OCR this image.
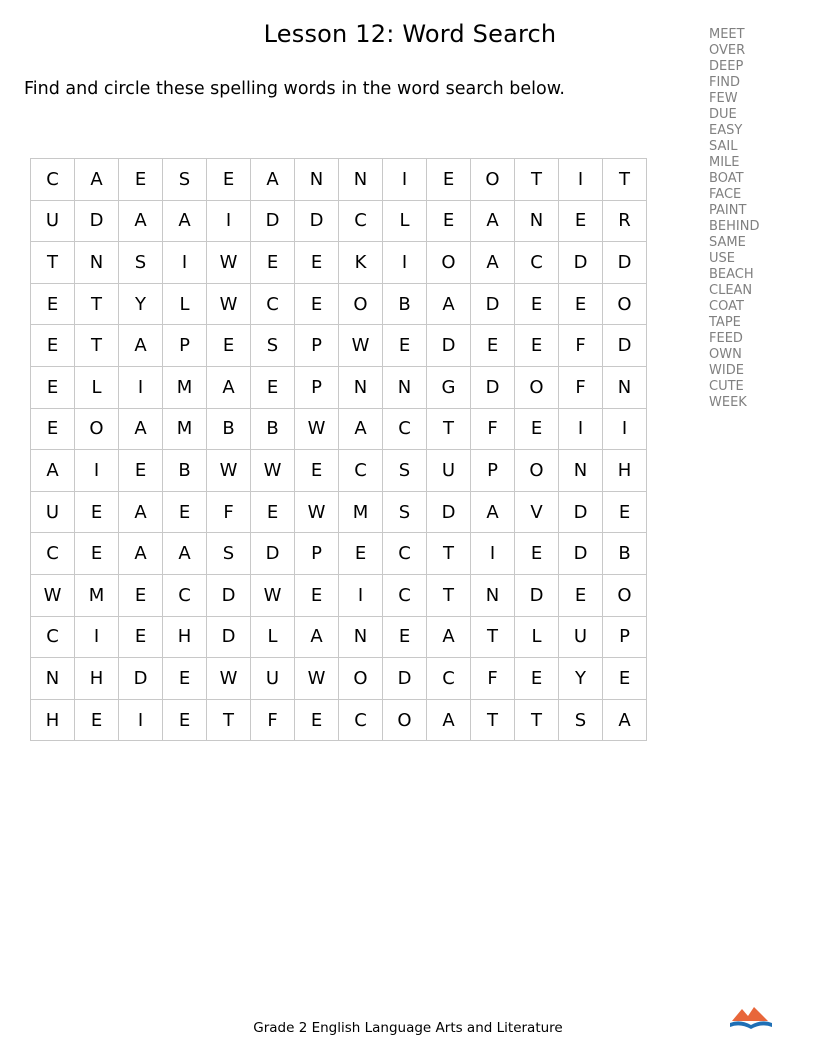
Lesson 12: Word Search
Find and circle these spelling words in the word search below.
MEET
OVER
DEEP
FIND
FEW
DUE
EASY
SAIL
MILE
BOAT
FACE
PAINT
BEHIND
SAME
USE
BEACH
CLEAN
COAT
TAPE
FEED
OWN
WIDE
CUTE
WEEK
C	A	E	S	E	A	N	N	I	E	O	T	I	T
U	D	A	A	I	D	D	C	L	E	A	N	E	R
T	N	S	I	W	E	E	K	I	O	A	C	D	D
E	T	Y	L	W	C	E	O	B	A	D	E	E	O
E	T	A	P	E	S	P	W	E	D	E	E	F	D
E	L	I	M	A	E	P	N	N	G	D	O	F	N
E	O	A	M	B	B	W	A	C	T	F	E	I	I
A	I	E	B	W	W	E	C	S	U	P	O	N	H
U	E	A	E	F	E	W	M	S	D	A	V	D	E
C	E	A	A	S	D	P	E	C	T	I	E	D	B
W	M	E	C	D	W	E	I	C	T	N	D	E	O
C	I	E	H	D	L	A	N	E	A	T	L	U	P
N	H	D	E	W	U	W	O	D	C	F	E	Y	E
H	E	I	E	T	F	E	C	O	A	T	T	S	A
Grade 2 English Language Arts and Literature
